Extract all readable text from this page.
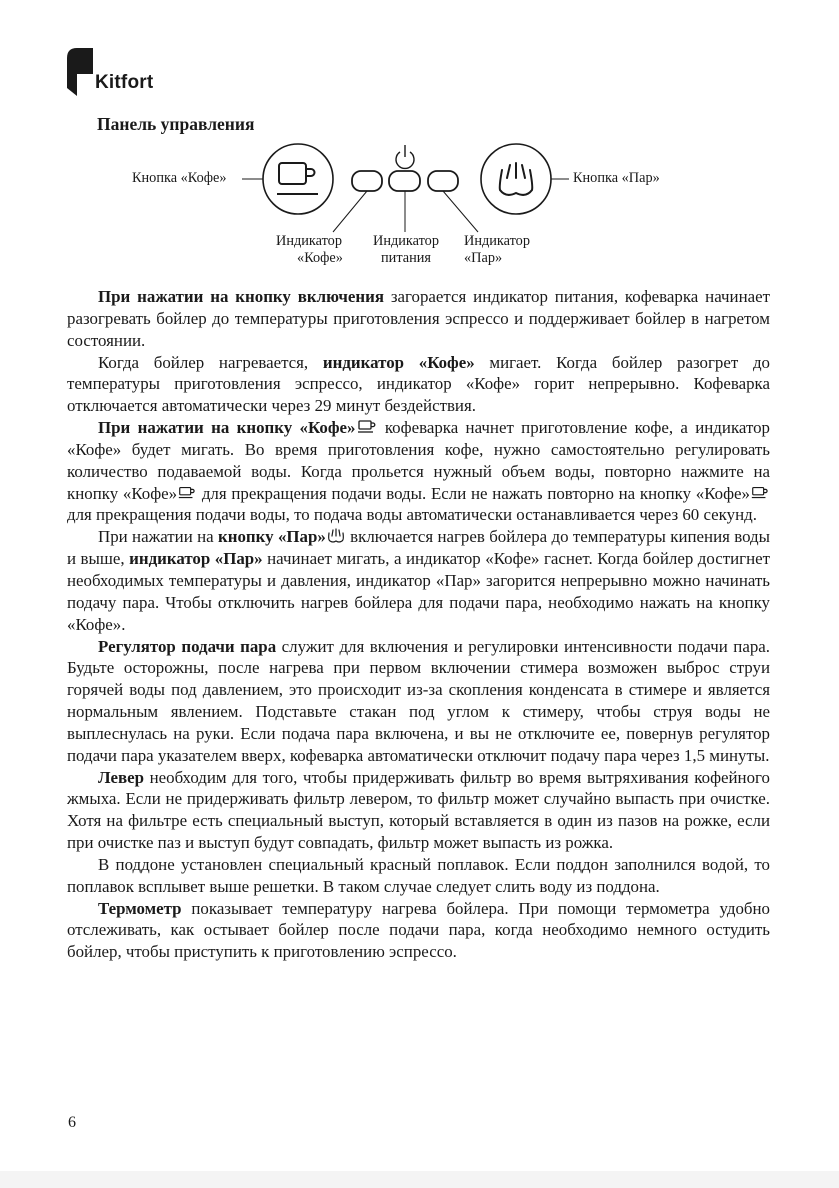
Kitfort
Панель управления
Кнопка «Кофе»	Кнопка «Пар»
Индикатор
«Кофе»
Индикатор
питания
Индикатор
«Пар»

При нажатии на кнопку включения загорается индикатор питания, кофеварка начинает разогревать бойлер до температуры приготовления эспрессо и поддерживает бойлер в нагретом состоянии.

Когда бойлер нагревается, индикатор «Кофе» мигает. Когда бойлер разогрет до температуры приготовления эспрессо, индикатор «Кофе» горит непрерывно. Кофеварка отключается автоматически через 29 минут бездействия.

При нажатии на кнопку «Кофе» кофеварка начнет приготовление кофе, а индикатор «Кофе» будет мигать. Во время приготовления кофе, нужно самостоятельно регулировать количество подаваемой воды. Когда прольется нужный объем воды, повторно нажмите на кнопку «Кофе» для прекращения подачи воды. Если не нажать повторно на кнопку «Кофе» для прекращения подачи воды, то подача воды автоматически останавливается через 60 секунд.

При нажатии на кнопку «Пар» включается нагрев бойлера до температуры кипения воды и выше, индикатор «Пар» начинает мигать, а индикатор «Кофе» гаснет. Когда бойлер достигнет необходимых температуры и давления, индикатор «Пар» загорится непрерывно можно начинать подачу пара. Чтобы отключить нагрев бойлера для подачи пара, необходимо нажать на кнопку «Кофе».

Регулятор подачи пара служит для включения и регулировки интенсивности подачи пара. Будьте осторожны, после нагрева при первом включении стимера возможен выброс струи горячей воды под давлением, это происходит из-за скопления конденсата в стимере и является нормальным явлением. Подставьте стакан под углом к стимеру, чтобы струя воды не выплеснулась на руки. Если подача пара включена, и вы не отключите ее, повернув регулятор подачи пара указателем вверх, кофеварка автоматически отключит подачу пара через 1,5 минуты.

Левер необходим для того, чтобы придерживать фильтр во время вытряхивания кофейного жмыха. Если не придерживать фильтр левером, то фильтр может случайно выпасть при очистке. Хотя на фильтре есть специальный выступ, который вставляется в один из пазов на рожке, если при очистке паз и выступ будут совпадать, фильтр может выпасть из рожка.

В поддоне установлен специальный красный поплавок. Если поддон заполнился водой, то поплавок всплывет выше решетки. В таком случае следует слить воду из поддона.

Термометр показывает температуру нагрева бойлера. При помощи термометра удобно отслеживать, как остывает бойлер после подачи пара, когда необходимо немного остудить бойлер, чтобы приступить к приготовлению эспрессо.

6
